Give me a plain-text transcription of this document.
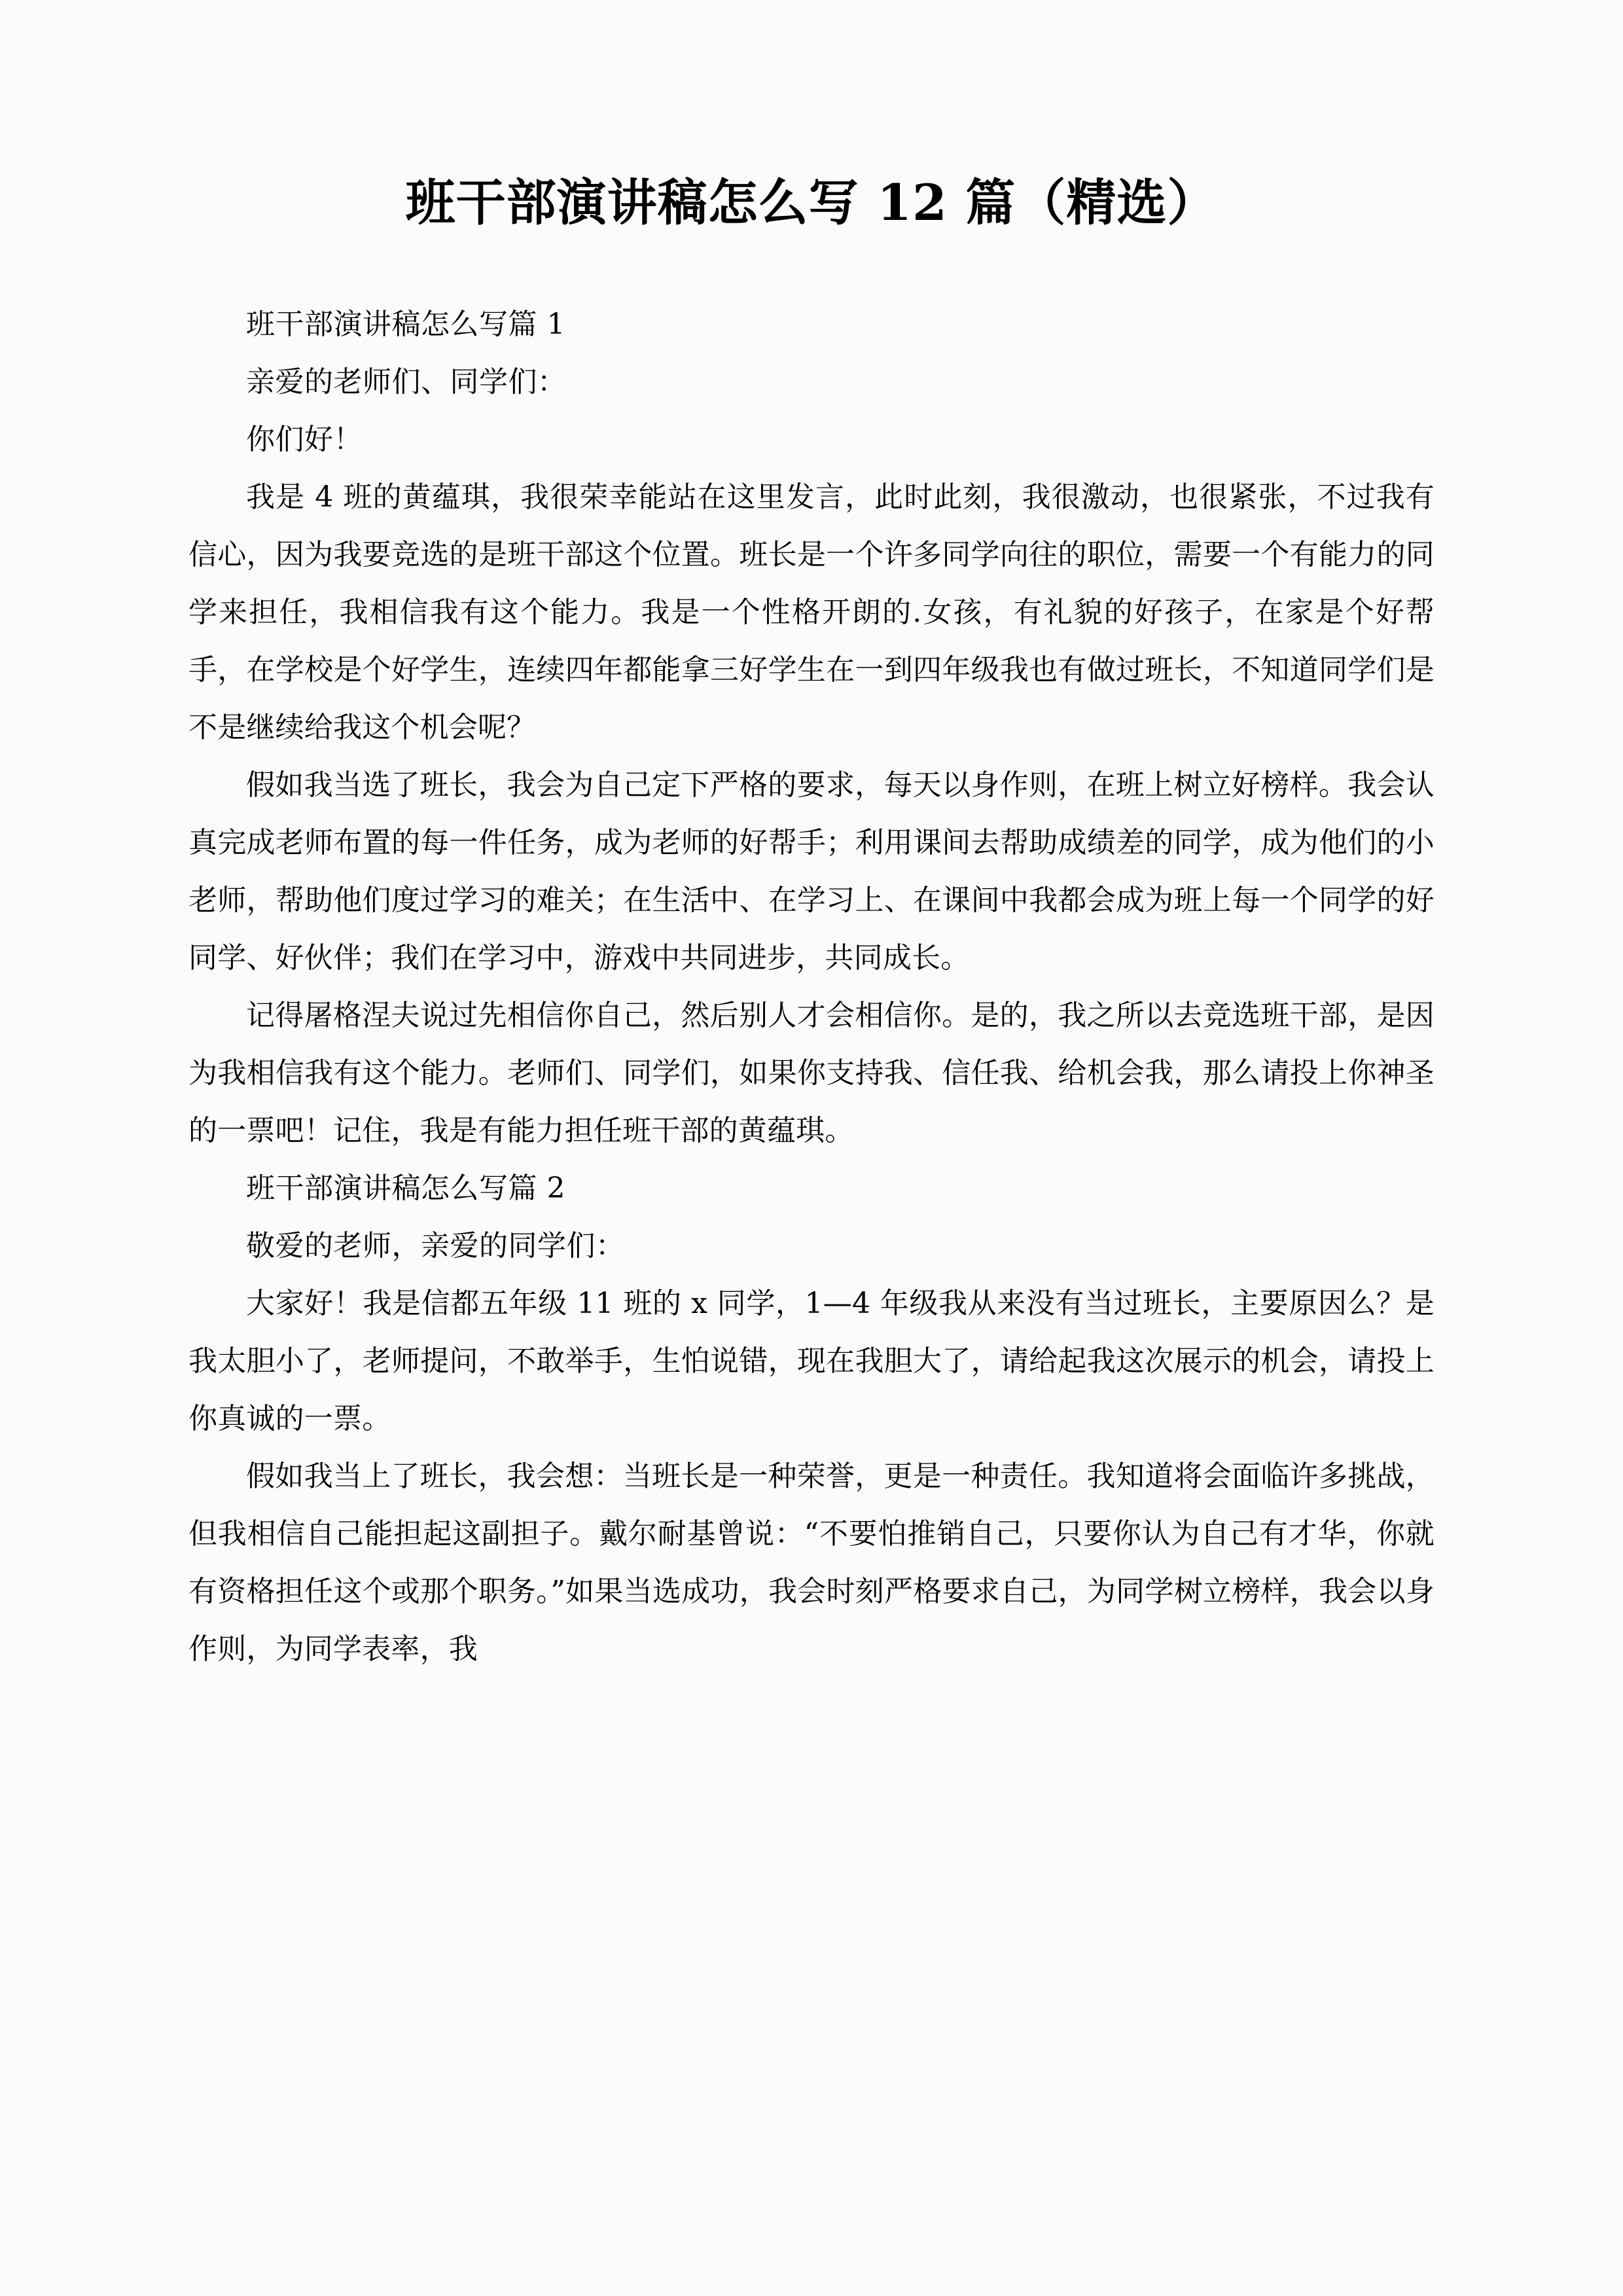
班干部演讲稿怎么写 12 篇（精选）

班干部演讲稿怎么写篇 1

亲爱的老师们、同学们：

你们好！

我是 4 班的黄蕴琪，我很荣幸能站在这里发言，此时此刻，我很激动，也很紧张，不过我有信心，因为我要竞选的是班干部这个位置。班长是一个许多同学向往的职位，需要一个有能力的同学来担任，我相信我有这个能力。我是一个性格开朗的.女孩，有礼貌的好孩子，在家是个好帮手，在学校是个好学生，连续四年都能拿三好学生在一到四年级我也有做过班长，不知道同学们是不是继续给我这个机会呢？

假如我当选了班长，我会为自己定下严格的要求，每天以身作则，在班上树立好榜样。我会认真完成老师布置的每一件任务，成为老师的好帮手；利用课间去帮助成绩差的同学，成为他们的小老师，帮助他们度过学习的难关；在生活中、在学习上、在课间中我都会成为班上每一个同学的好同学、好伙伴；我们在学习中，游戏中共同进步，共同成长。

记得屠格涅夫说过先相信你自己，然后别人才会相信你。是的，我之所以去竞选班干部，是因为我相信我有这个能力。老师们、同学们，如果你支持我、信任我、给机会我，那么请投上你神圣的一票吧！记住，我是有能力担任班干部的黄蕴琪。

班干部演讲稿怎么写篇 2

敬爱的老师，亲爱的同学们：

大家好！我是信都五年级 11 班的 x 同学，1—4 年级我从来没有当过班长，主要原因么？是我太胆小了，老师提问，不敢举手，生怕说错，现在我胆大了，请给起我这次展示的机会，请投上你真诚的一票。

假如我当上了班长，我会想：当班长是一种荣誉，更是一种责任。我知道将会面临许多挑战，但我相信自己能担起这副担子。戴尔耐基曾说：“不要怕推销自己，只要你认为自己有才华，你就有资格担任这个或那个职务。”如果当选成功，我会时刻严格要求自己，为同学树立榜样，我会以身作则，为同学表率，我
